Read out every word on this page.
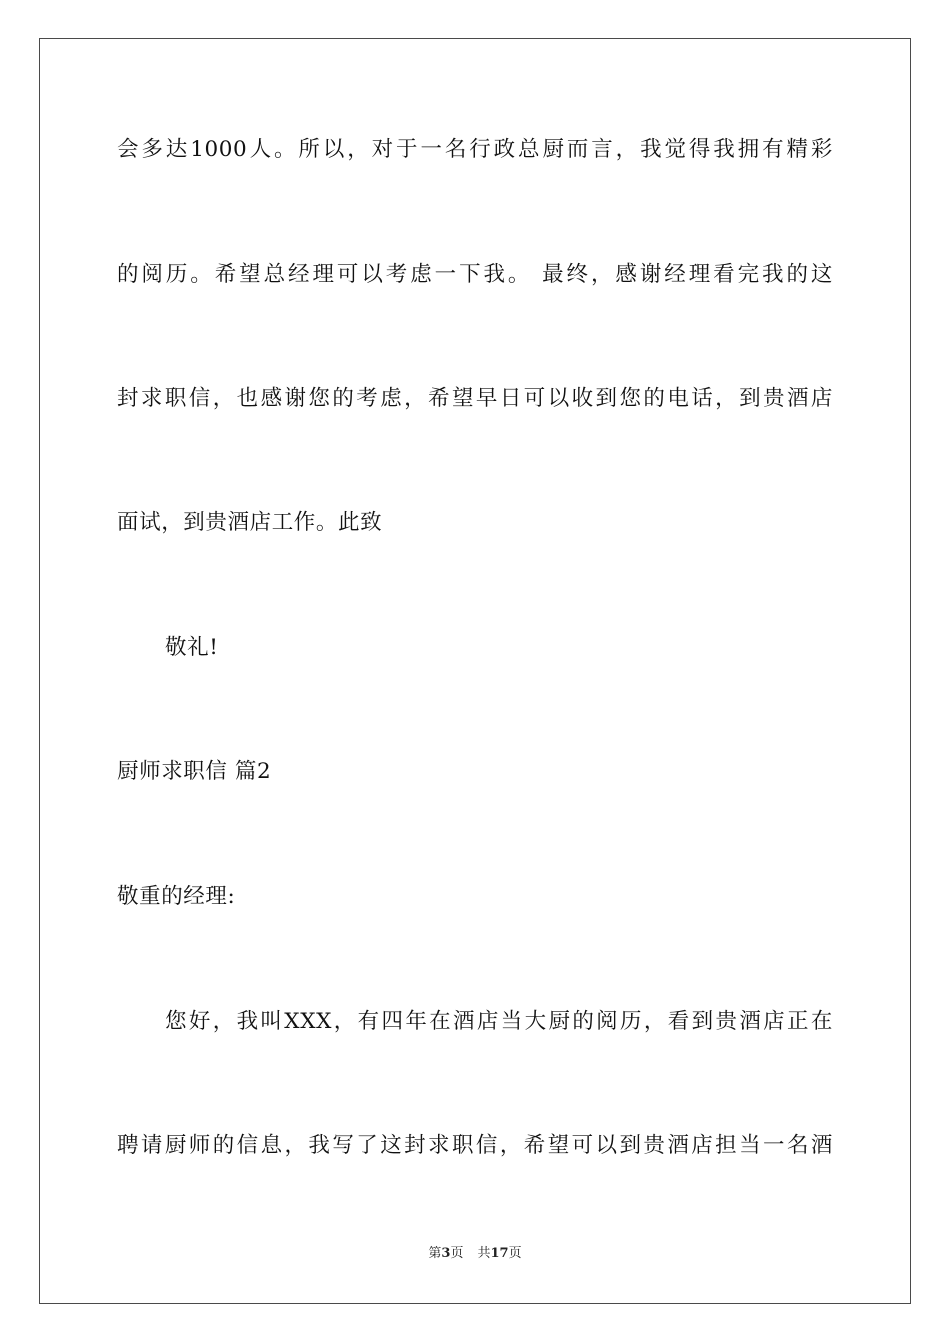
会多达1000人。所以，对于一名行政总厨而言，我觉得我拥有精彩
的阅历。希望总经理可以考虑一下我。 最终，感谢经理看完我的这
封求职信，也感谢您的考虑，希望早日可以收到您的电话，到贵酒店
面试，到贵酒店工作。此致
敬礼!
厨师求职信 篇2
敬重的经理:
您好，我叫XXX，有四年在酒店当大厨的阅历，看到贵酒店正在
聘请厨师的信息，我写了这封求职信，希望可以到贵酒店担当一名酒
第3页 共17页
